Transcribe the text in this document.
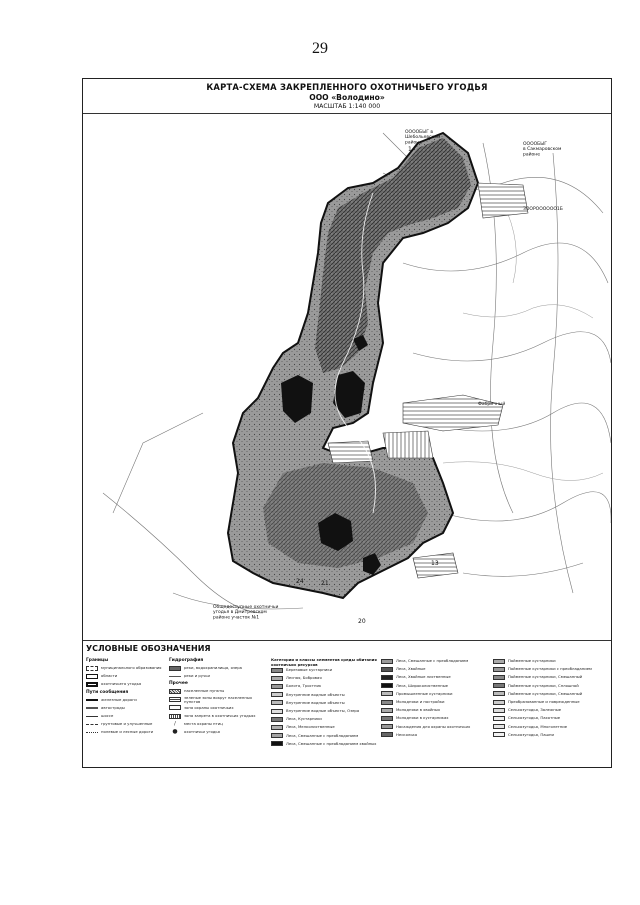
29
КАРТА-СХЕМА ЗАКРЕПЛЕННОГО ОХОТНИЧЬЕГО УГОДЬЯ
ООО «Володино»
МАСШТАБ 1:140 000
1
20
21
24
13
ООООБЫГ в Шебольевском районе	ООООБЫГ в Сакмаровском районе
ЗООРОООООО1Б
Фабричный
Общедоступные охотничьи угодья в Дмитровском районе участок №1
УСЛОВНЫЕ ОБОЗНАЧЕНИЯ
Границы
муниципального образования
области
охотничьего угодья
Пути сообщения
железные дороги
автострады
шоссе
грунтовые и улучшенные
полевые и лесные дороги
Гидрография
реки, водохранилища, озера
реки и ручьи
Прочее
населенные пункты
зеленые зоны вокруг населенных пунктов
зона охраны охотничьих
зона запрета в охотничьих угодьях
/	места охраны птиц
●	охотничьи угодья
Категории и классы элементов среды обитания охотничьих ресурсов
Березовые кустарники
Лесная, Бобровая
Болота, Тростник
Внутренние водные объекты
Внутренние водные объекты
Внутренние водные объекты, Озера
Леса, Кустарники
Леса, Мелколиственные
Леса, Смешанные с преобладанием
Леса, Смешанные с преобладанием хвойных
Леса, Смешанные с преобладанием
Леса, Хвойные
Леса, Хвойные лиственные
Леса, Широколиственные
Промышленные кустарники
Молодняки и постройки
Молодняки в хвойных
Молодняки в кустарниках
Насаждения для охраны охотничьих
Несколько
Пойменные кустарники
Пойменные кустарники с преобладанием
Пойменные кустарники, Смешанный
Пойменные кустарники, Сплошной
Пойменные кустарники, Смешанный
Преобразованные и поврежденные
Сельхозугодья, Залежные
Сельхозугодья, Пахотные
Сельхозугодья, Многолетние
Сельхозугодья, Пашни
